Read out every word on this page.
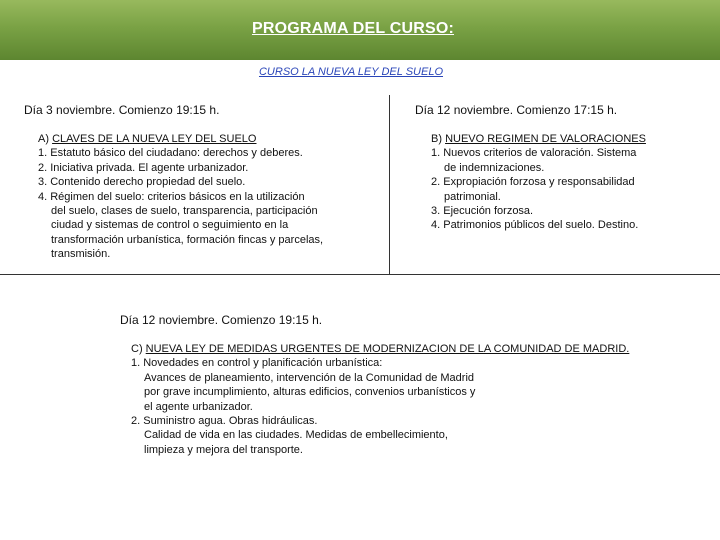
PROGRAMA DEL CURSO:
CURSO LA NUEVA LEY DEL SUELO
Día 3 noviembre. Comienzo 19:15 h.
A) CLAVES DE LA NUEVA LEY DEL SUELO
1. Estatuto básico del ciudadano: derechos y deberes.
2. Iniciativa privada. El agente urbanizador.
3. Contenido derecho propiedad del suelo.
4. Régimen del suelo: criterios básicos en la utilización
del suelo, clases de suelo, transparencia, participación
ciudad y sistemas de control o seguimiento en la
transformación urbanística, formación fincas y parcelas,
transmisión.
Día 12 noviembre. Comienzo 17:15 h.
B) NUEVO REGIMEN DE VALORACIONES
1. Nuevos criterios de valoración. Sistema
de indemnizaciones.
2. Expropiación forzosa y responsabilidad
patrimonial.
3. Ejecución forzosa.
4. Patrimonios públicos del suelo. Destino.
Día 12 noviembre. Comienzo 19:15 h.
C) NUEVA LEY DE MEDIDAS URGENTES DE MODERNIZACION DE LA COMUNIDAD DE MADRID.
1. Novedades en control y planificación urbanística:
Avances de planeamiento, intervención de la Comunidad de Madrid
por grave incumplimiento, alturas edificios, convenios urbanísticos y
el agente urbanizador.
2. Suministro agua. Obras hidráulicas.
Calidad de vida en las ciudades. Medidas de embellecimiento,
limpieza y mejora del transporte.
